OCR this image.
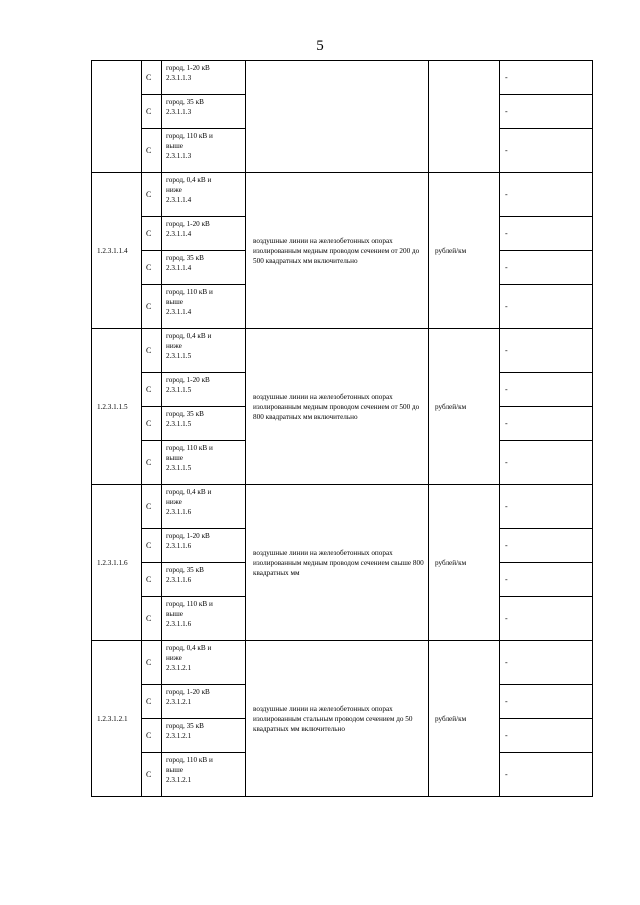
5
	С	город, 1-20 кВ
2.3.1.1.3			-
	С	город, 35 кВ
2.3.1.1.3			-
	С	город, 110 кВ и
выше
2.3.1.1.3			-
1.2.3.1.1.4	С	город, 0,4 кВ и
ниже
2.3.1.1.4	воздушные линии на железобетонных опорах изолированным медным проводом сечением от 200 до 500 квадратных мм включительно	рублей/км	-
	С	город, 1-20 кВ
2.3.1.1.4			-
	С	город, 35 кВ
2.3.1.1.4			-
	С	город, 110 кВ и
выше
2.3.1.1.4			-
1.2.3.1.1.5	С	город, 0,4 кВ и
ниже
2.3.1.1.5	воздушные линии на железобетонных опорах изолированным медным проводом сечением от 500 до 800 квадратных мм включительно	рублей/км	-
	С	город, 1-20 кВ
2.3.1.1.5			-
	С	город, 35 кВ
2.3.1.1.5			-
	С	город, 110 кВ и
выше
2.3.1.1.5			-
1.2.3.1.1.6	С	город, 0,4 кВ и
ниже
2.3.1.1.6	воздушные линии на железобетонных опорах изолированным медным проводом сечением свыше 800 квадратных мм	рублей/км	-
	С	город, 1-20 кВ
2.3.1.1.6			-
	С	город, 35 кВ
2.3.1.1.6			-
	С	город, 110 кВ и
выше
2.3.1.1.6			-
1.2.3.1.2.1	С	город, 0,4 кВ и
ниже
2.3.1.2.1	воздушные линии на железобетонных опорах изолированным стальным проводом сечением до 50 квадратных мм включительно	рублей/км	-
	С	город, 1-20 кВ
2.3.1.2.1			-
	С	город, 35 кВ
2.3.1.2.1			-
	С	город, 110 кВ и
выше
2.3.1.2.1			-
